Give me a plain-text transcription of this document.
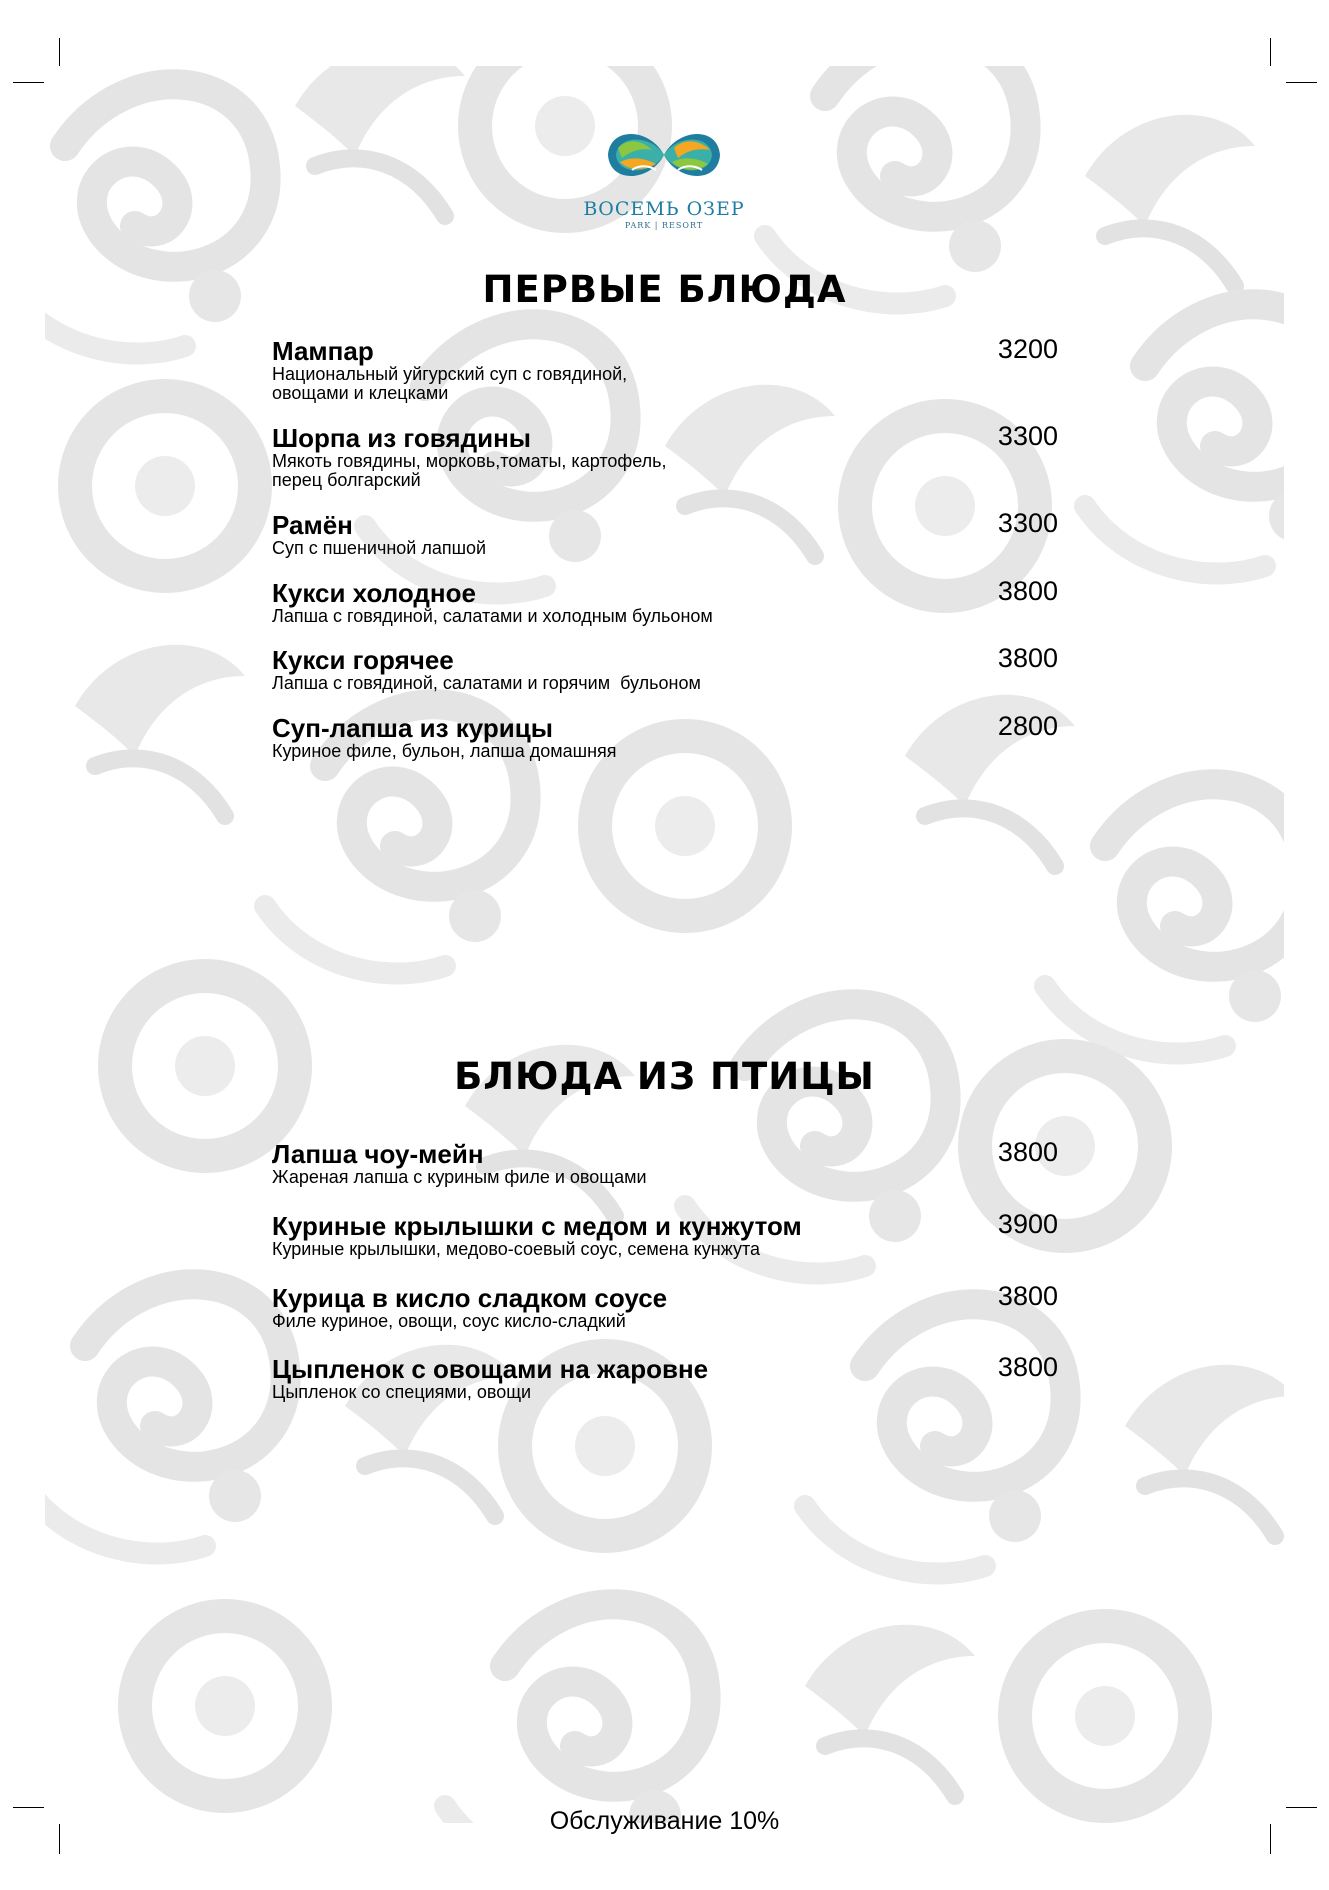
ВОСЕМЬ ОЗЕР
PARK | RESORT
ПЕРВЫЕ БЛЮДА
Мампар
Национальный уйгурский суп с говядиной,
овощами и клецками
3200
Шорпа из говядины
Мякоть говядины, морковь,томаты, картофель,
перец болгарский
3300
Рамён
Суп с пшеничной лапшой
3300
Кукси холодное
Лапша с говядиной, салатами и холодным бульоном
3800
Кукси горячее
Лапша с говядиной, салатами и горячим  бульоном
3800
Суп-лапша из курицы
Куриное филе, бульон, лапша домашняя
2800
БЛЮДА ИЗ ПТИЦЫ
Лапша чоу-мейн
Жареная лапша с куриным филе и овощами
3800
Куриные крылышки с медом и кунжутом
Куриные крылышки, медово-соевый соус, семена кунжута
3900
Курица в кисло сладком соусе
Филе куриное, овощи, соус кисло-сладкий
3800
Цыпленок с овощами на жаровне
Цыпленок со специями, овощи
3800
Обслуживание 10%
